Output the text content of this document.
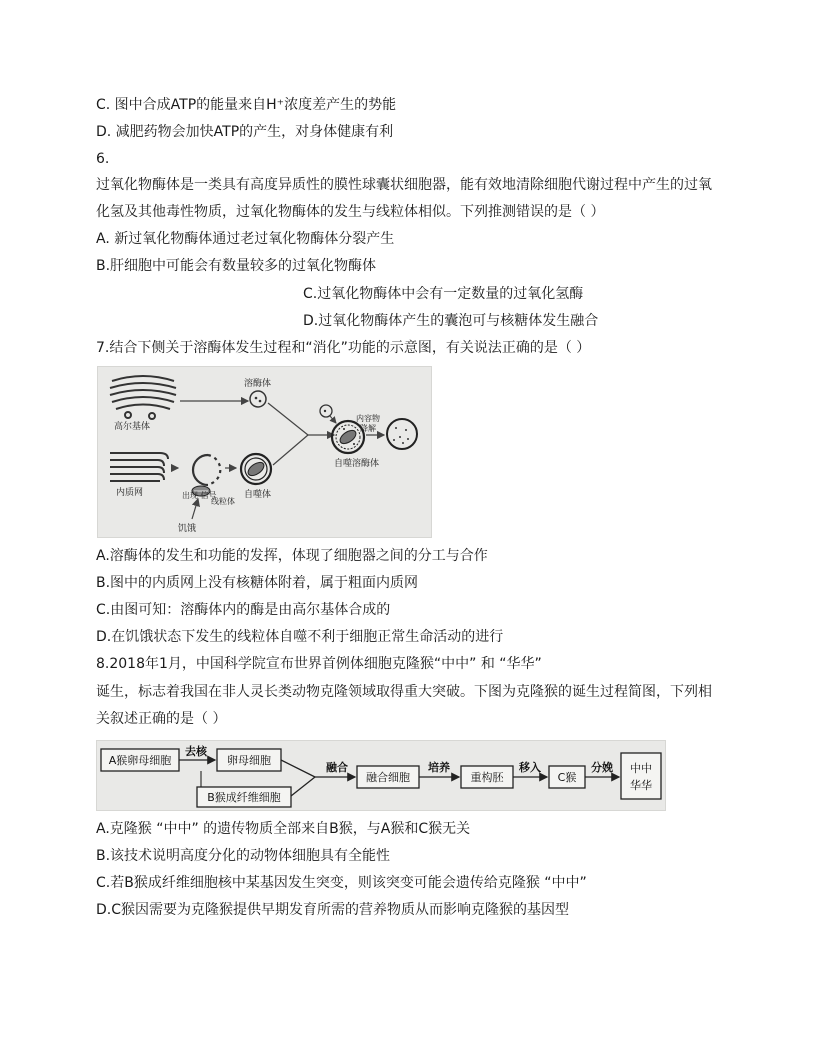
C. 图中合成ATP的能量来自H⁺浓度差产生的势能
D. 减肥药物会加快ATP的产生，对身体健康有利
6.
过氧化物酶体是一类具有高度异质性的膜性球囊状细胞器，能有效地清除细胞代谢过程中产生的过氧
化氢及其他毒性物质，过氧化物酶体的发生与线粒体相似。下列推测错误的是（ ）
A. 新过氧化物酶体通过老过氧化物酶体分裂产生
B.肝细胞中可能会有数量较多的过氧化物酶体
C.过氧化物酶体中会有一定数量的过氧化氢酶
D.过氧化物酶体产生的囊泡可与核糖体发生融合
7.结合下侧关于溶酶体发生过程和“消化”功能的示意图，有关说法正确的是（ ）
高尔基体
溶酶体
内质网	出现 信号
线粒体
饥饿
自噬体
自噬溶酶体
内容物
降解
A.溶酶体的发生和功能的发挥，体现了细胞器之间的分工与合作
B.图中的内质网上没有核糖体附着，属于粗面内质网
C.由图可知：溶酶体内的酶是由高尔基体合成的
D.在饥饿状态下发生的线粒体自噬不利于细胞正常生命活动的进行
8.2018年1月，中国科学院宣布世界首例体细胞克隆猴“中中” 和 “华华”
诞生，标志着我国在非人灵长类动物克隆领域取得重大突破。下图为克隆猴的诞生过程简图，下列相
关叙述正确的是（ ）
A猴卵母细胞
去核
卵母细胞
B猴成纤维细胞
融合
融合细胞
培养
重构胚
移入
C猴
分娩 中中
华华
A.克隆猴 “中中” 的遗传物质全部来自B猴，与A猴和C猴无关
B.该技术说明高度分化的动物体细胞具有全能性
C.若B猴成纤维细胞核中某基因发生突变，则该突变可能会遗传给克隆猴 “中中”
D.C猴因需要为克隆猴提供早期发育所需的营养物质从而影响克隆猴的基因型
